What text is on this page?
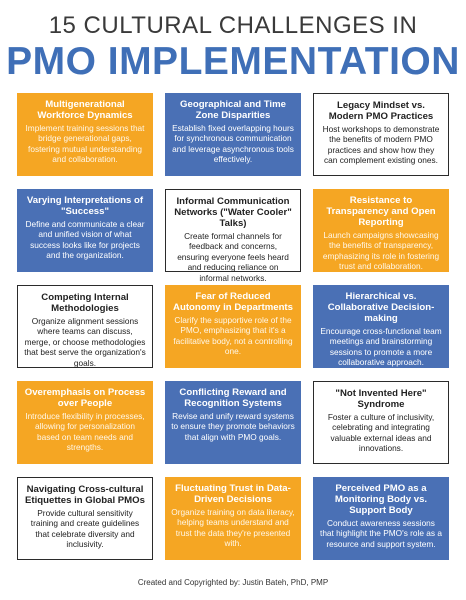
15 CULTURAL CHALLENGES IN
PMO IMPLEMENTATION
Multigenerational Workforce Dynamics
Implement training sessions that bridge generational gaps, fostering mutual understanding and collaboration.
Geographical and Time Zone Disparities
Establish fixed overlapping hours for synchronous communication and leverage asynchronous tools effectively.
Legacy Mindset vs. Modern PMO Practices
Host workshops to demonstrate the benefits of modern PMO practices and show how they can complement existing ones.
Varying Interpretations of "Success"
Define and communicate a clear and unified vision of what success looks like for projects and the organization.
Informal Communication Networks ("Water Cooler" Talks)
Create formal channels for feedback and concerns, ensuring everyone feels heard and reducing reliance on informal networks.
Resistance to Transparency and Open Reporting
Launch campaigns showcasing the benefits of transparency, emphasizing its role in fostering trust and collaboration.
Competing Internal Methodologies
Organize alignment sessions where teams can discuss, merge, or choose methodologies that best serve the organization's goals.
Fear of Reduced Autonomy in Departments
Clarify the supportive role of the PMO, emphasizing that it's a facilitative body, not a controlling one.
Hierarchical vs. Collaborative Decision-making
Encourage cross-functional team meetings and brainstorming sessions to promote a more collaborative approach.
Overemphasis on Process over People
Introduce flexibility in processes, allowing for personalization based on team needs and strengths.
Conflicting Reward and Recognition Systems
Revise and unify reward systems to ensure they promote behaviors that align with PMO goals.
"Not Invented Here" Syndrome
Foster a culture of inclusivity, celebrating and integrating valuable external ideas and innovations.
Navigating Cross-cultural Etiquettes in Global PMOs
Provide cultural sensitivity training and create guidelines that celebrate diversity and inclusivity.
Fluctuating Trust in Data-Driven Decisions
Organize training on data literacy, helping teams understand and trust the data they're presented with.
Perceived PMO as a Monitoring Body vs. Support Body
Conduct awareness sessions that highlight the PMO's role as a resource and support system.
Created and Copyrighted by: Justin Bateh, PhD, PMP
